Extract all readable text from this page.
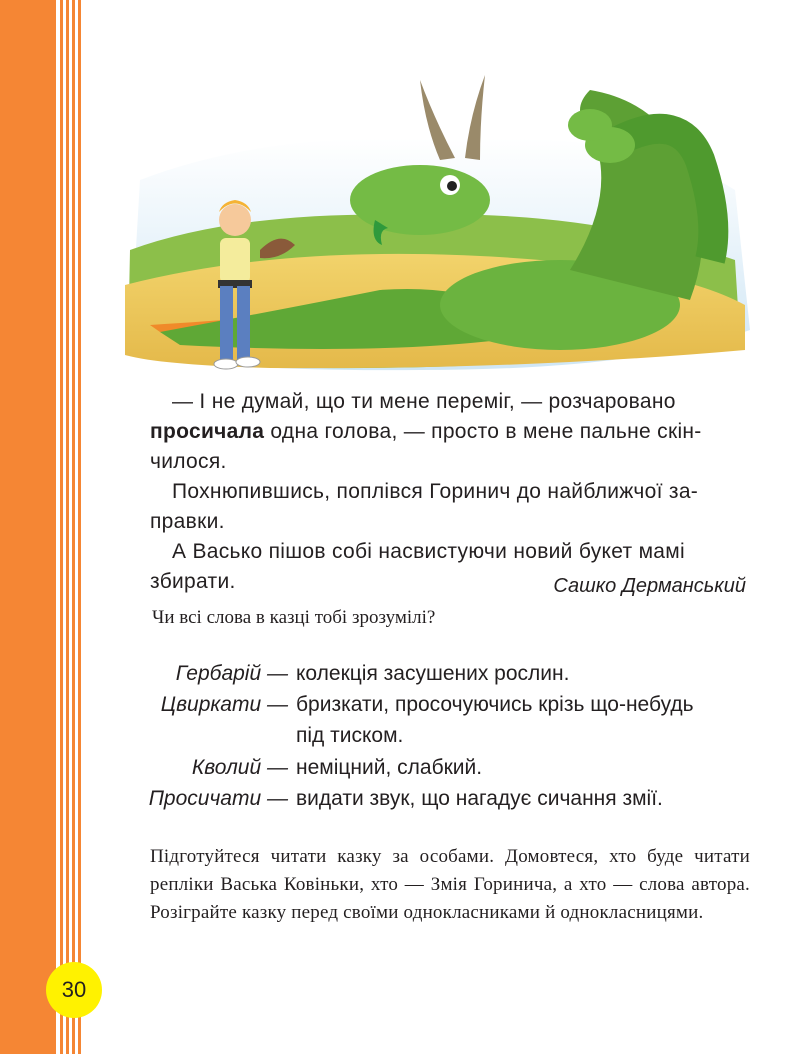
— І не думай, що ти мене переміг, — розчаровано
просичала одна голова, — просто в мене пальне скін-
чилося.

Похнюпившись, поплівся Горинич до найближчої за-
правки.

А Васько пішов собі насвистуючи новий букет мамі
збирати.	Сашко Дерманський
Чи всі слова в казці тобі зрозумілі?
Гербарій — колекція засушених рослин.
Цвиркати — бризкати, просочуючись крізь що-небудь
під тиском.
Кволий — неміцний, слабкий.
Просичати — видати звук, що нагадує сичання змії.
Підготуйтеся читати казку за особами. Домовтеся, хто буде читати репліки Васька Ковіньки, хто — Змія Горинича, а хто — слова автора. Розіграйте казку перед своїми однокласниками й однокласницями.
30
